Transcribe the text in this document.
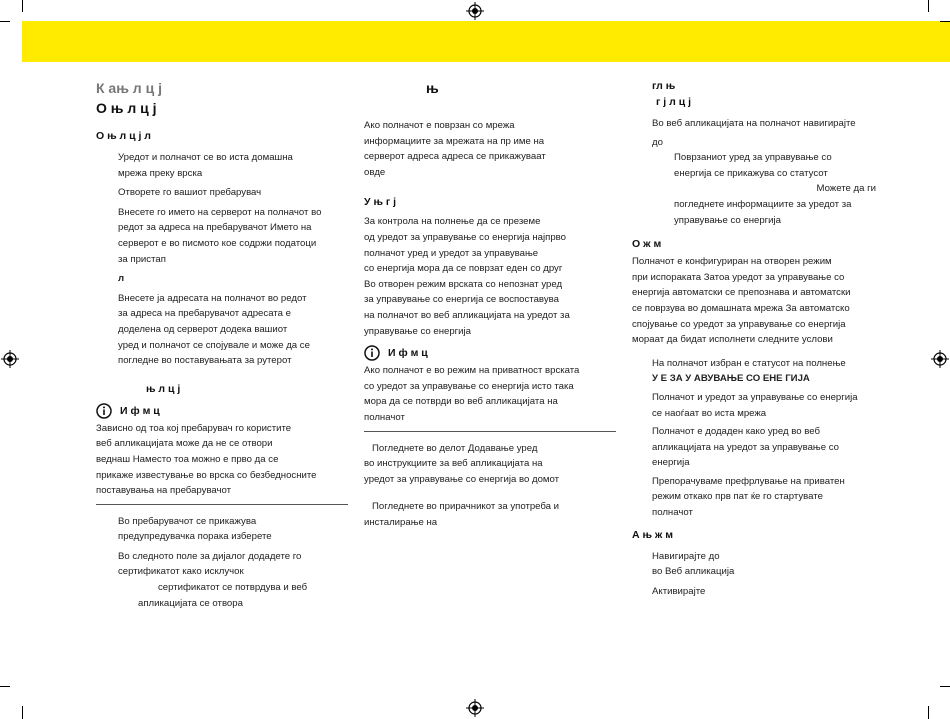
К ањ л ц ј

О њ л ц ј

О њ л ц ј л

Уредот и полначот се во иста домашна

мрежа преку врска

Отворете го вашиот пребарувач

Внесете го името на серверот на полначот во

редот за адреса на пребарувачот Името на

серверот е во писмото кое содржи податоци

за пристап

л

Внесете ја адресата на полначот во редот

за адреса на пребарувачот адресата е

доделена од серверот додека вашиот

уред и полначот се спојувале и може да се

погледне во поставувањата за рутерот

њ л ц ј

И ф м ц

Зависно од тоа кој пребарувач го користите

веб апликацијата може да не се отвори

веднаш Наместо тоа можно е прво да се

прикаже известување во врска со безбедносните

поставувања на пребарувачот

Во пребарувачот се прикажува

предупредувачка порака изберете

Во следното поле за дијалог додадете го

сертификатот како исклучок

сертификатот се потврдува и веб

апликацијата се отвора

њ

Ако полначот е поврзан со мрежа

информациите за мрежата на пр име на

серверот адреса адреса се прикажуваат

овде

У њ г ј

За контрола на полнење да се преземе

од уредот за управување со енергија најпрво

полначот уред и уредот за управување

со енергија мора да се поврзат еден со друг

Во отворен режим врската со непознат уред

за управување со енергија се воспоставува

на полначот во веб апликацијата на уредот за

управување со енергија

И ф м ц

Ако полначот е во режим на приватност врската

со уредот за управување со енергија исто така

мора да се потврди во веб апликацијата на

полначот

Погледнете во делот Додавање уред

во инструкциите за веб апликацијата на

уредот за управување со енергија во домот

Погледнете во прирачникот за употреба и

инсталирање на

гл њ

г ј л ц ј

Во веб апликацијата на полначот навигирајте

до

Поврзаниот уред за управување со

енергија се прикажува со статусот

Можете да ги

погледнете информациите за уредот за

управување со енергија

О ж м

Полначот е конфигуриран на отворен режим

при испораката Затоа уредот за управување со

енергија автоматски се препознава и автоматски

се поврзува во домашната мрежа За автоматско

спојување со уредот за управување со енергија

мораат да бидат исполнети следните услови

На полначот избран е статусот на полнење

У Е ЗА У АВУВАЊЕ СО ЕНЕ ГИЈА

Полначот и уредот за управување со енергија

се наоѓаат во иста мрежа

Полначот е додаден како уред во веб

апликацијата на уредот за управување со

енергија

Препорачуваме префрлување на приватен

режим откако прв пат ќе го стартувате

полначот

А њ ж м

Навигирајте до

во Веб апликација

Активирајте
